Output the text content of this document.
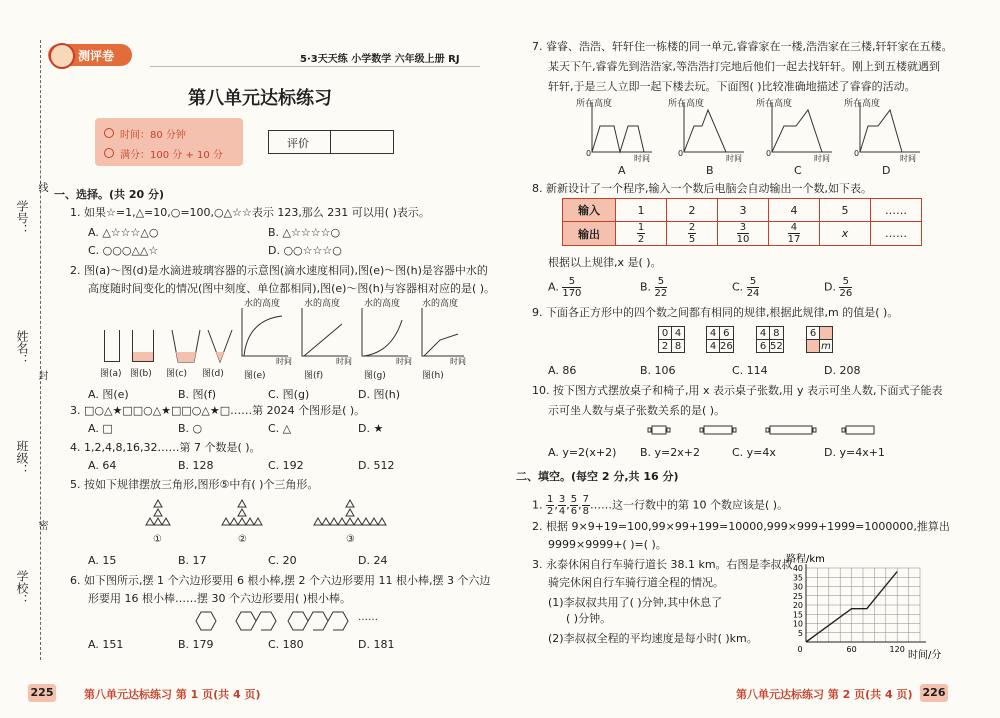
学号：
线
姓名：
封
班级：
密
学校：
测评卷	5·3天天练 小学数学 六年级上册 RJ
第八单元达标练习
时间：80 分钟
满分：100 分 + 10 分
评价
一、选择。(共 20 分)
1. 如果☆=1,△=10,○=100,○△☆☆表示 123,那么 231 可以用( )表示。
A. △☆☆☆△○	B. △☆☆☆☆○
C. ○○○△△☆	D. ○○☆☆☆○
2. 图(a)～图(d)是水滴进玻璃容器的示意图(滴水速度相同),图(e)～图(h)是容器中水的
高度随时间变化的情况(图中刻度、单位都相同),图(e)～图(h)与容器相对应的是( )。
图(a) 图(b) 图(c) 图(d)
水的高度	水的高度	水的高度 水的高度
时间	时间	时间	时间
图(e)	图(f)	图(g)	图(h)
A. 图(e)	B. 图(f)	C. 图(g)	D. 图(h)
3. □○△★□□○△★□□○△★□……第 2024 个图形是( )。
A. □	B. ○	C. △	D. ★
4. 1,2,4,8,16,32……第 7 个数是( )。
A. 64	B. 128	C. 192	D. 512
5. 按如下规律摆放三角形,图形⑤中有( )个三角形。
①	②	③
A. 15	B. 17	C. 20	D. 24
6. 如下图所示,摆 1 个六边形要用 6 根小棒,摆 2 个六边形要用 11 根小棒,摆 3 个六边
形要用 16 根小棒……摆 30 个六边形要用( )根小棒。
……
A. 151	B. 179	C. 180	D. 181
225	第八单元达标练习 第 1 页(共 4 页)
7. 睿睿、浩浩、轩轩住一栋楼的同一单元,睿睿家在一楼,浩浩家在三楼,轩轩家在五楼。
某天下午,睿睿先到浩浩家,等浩浩打完地后他们一起去找轩轩。刚上到五楼就遇到
轩轩,于是三人立即一起下楼去玩。下面图( )比较准确地描述了睿睿的活动。
所在高度	所在高度	所在高度	所在高度
0	0	0	0
时间	时间	时间	时间
A	B	C	D
8. 新新设计了一个程序,输入一个数后电脑会自动输出一个数,如下表。
输入	1	2	3	4	5	……
输出	$\frac{1}{2}$	$\frac{2}{5}$	$\frac{3}{10}$	$\frac{4}{17}$	x	……
根据以上规律,x 是( )。
A. $\frac{5}{170}$	B. $\frac{5}{22}$	C. $\frac{5}{24}$	D. $\frac{5}{26}$
9. 下面各正方形中的四个数之间都有相同的规律,根据此规律,m 的值是( )。
0	4
2	8
4	6
4	26
4	8
6	52
6	
	m
A. 86	B. 106	C. 114	D. 208
10. 按下图方式摆放桌子和椅子,用 x 表示桌子张数,用 y 表示可坐人数,下面式子能表
示可坐人数与桌子张数关系的是( )。
A. y=2(x+2) B. y=2x+2	C. y=4x	D. y=4x+1
二、填空。(每空 2 分,共 16 分)
1. $\frac{1}{2}$ , $\frac{3}{4}$ , $\frac{5}{6}$ , $\frac{7}{8}$ ……这一行数中的第 10 个数应该是( )。
2. 根据 9×9+19=100,99×99+199=10000,999×999+1999=1000000,推算出
9999×9999+( )=( )。
3. 永泰休闲自行车骑行道长 38.1 km。右图是李叔叔
骑完休闲自行车骑行道全程的情况。
(1)李叔叔共用了( )分钟,其中休息了
( )分钟。
(2)李叔叔全程的平均速度是每小时( )km。	5
10
15
20
25
30
35
40
0	60	120
路程/km
时间/分
第八单元达标练习 第 2 页(共 4 页) 226
